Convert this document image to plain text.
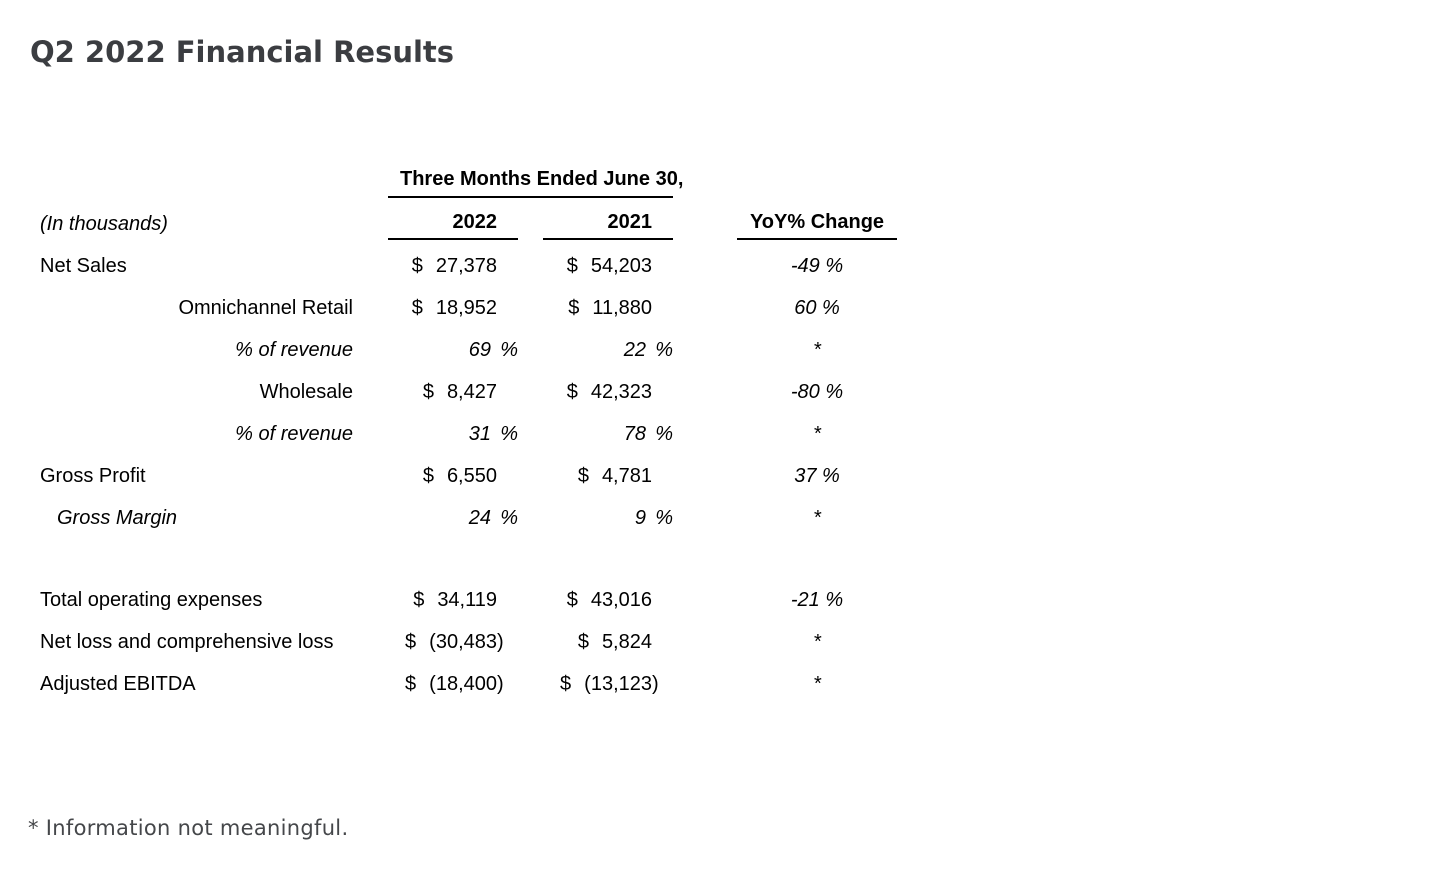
Q2 2022 Financial Results
Three Months Ended June 30,
(In thousands)	2022	2021	YoY% Change
Net Sales	$ 27,378	$ 54,203	-49 %
Omnichannel Retail	$ 18,952	$ 11,880	60 %
% of revenue	69 %	22 %	*
Wholesale	$ 8,427	$ 42,323	-80 %
% of revenue	31 %	78 %	*
Gross Profit	$ 6,550	$ 4,781	37 %
Gross Margin	24 %	9 %	*
Total operating expenses	$ 34,119	$ 43,016	-21 %
Net loss and comprehensive loss	$ (30,483 )	$ 5,824	*
Adjusted EBITDA	$ (18,400 )	$ (13,123 )	*

* Information not meaningful.
